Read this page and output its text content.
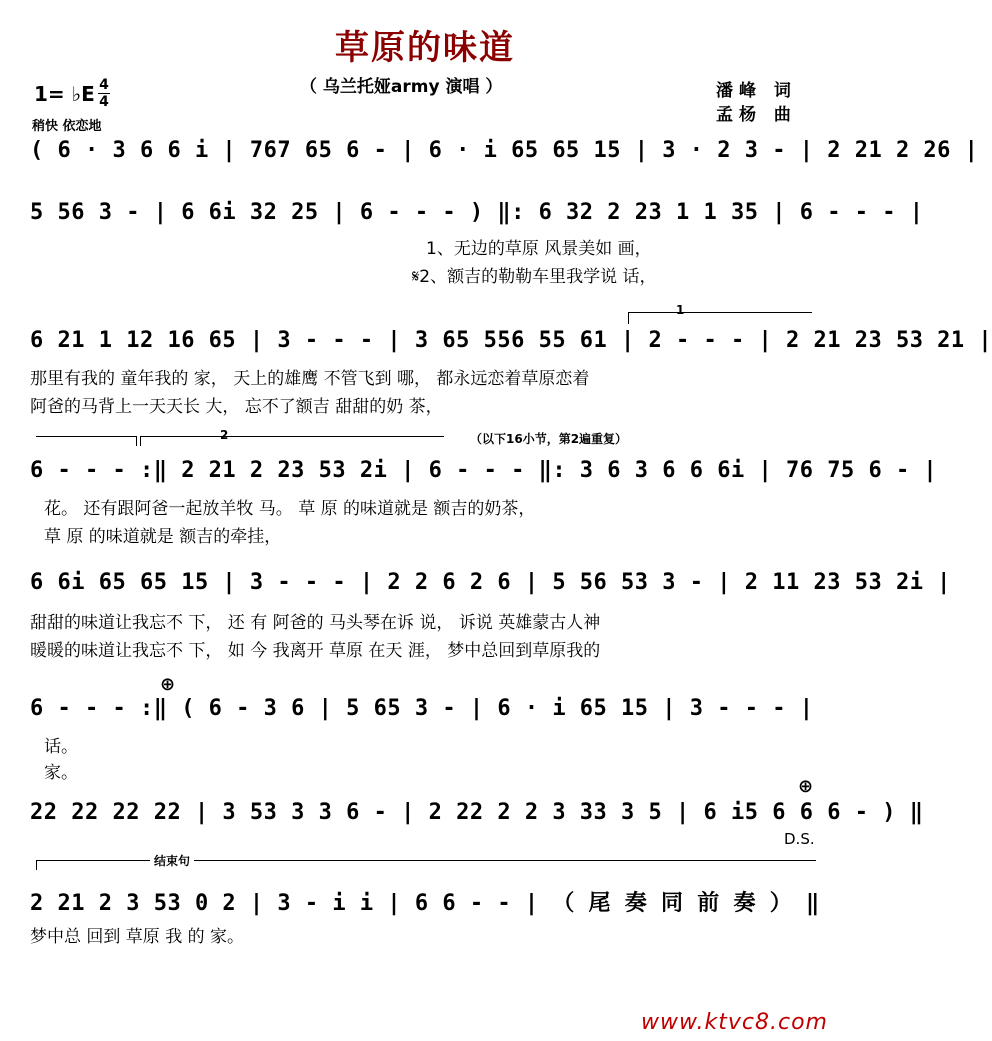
草原的味道
（ 乌兰托娅army 演唱 ）	潘峰 词
孟杨 曲
1= ♭E 4
4
稍快 依恋地
( 6 · 3 6 6 i | 767 65 6 - | 6 · i 65 65 15 | 3 · 2 3 - | 2 21 2 26 |
5 56 3 - | 6 6i 32 25 | 6 - - - ) ‖: 6 32 2 23 1 1 35 | 6 - - - |
1、无边的草原 风景美如 画，
𝄋2、额吉的勒勒车里我学说 话，
1
6 21 1 12 16 65 | 3 - - - | 3 65 556 55 61 | 2 - - - | 2 21 23 53 21 |
那里有我的 童年我的 家， 天上的雄鹰 不管飞到 哪， 都永远恋着草原恋着
阿爸的马背上一天天长 大， 忘不了额吉 甜甜的奶 茶，
2	（以下16小节，第2遍重复）
6 - - - :‖ 2 21 2 23 53 2i | 6 - - - ‖: 3 6 3 6 6 6i | 76 75 6 - |
花。 还有跟阿爸一起放羊牧 马。 草 原 的味道就是 额吉的奶茶，
草 原 的味道就是 额吉的牵挂，
6 6i 65 65 15 | 3 - - - | 2 2 6 2 6 | 5 56 53 3 - | 2 11 23 53 2i |
甜甜的味道让我忘不 下， 还 有 阿爸的 马头琴在诉 说， 诉说 英雄蒙古人神
暖暖的味道让我忘不 下， 如 今 我离开 草原 在天 涯， 梦中总回到草原我的
⊕
6 - - - :‖ ( 6 - 3 6 | 5 65 3 - | 6 · i 65 15 | 3 - - - |
话。
家。
⊕
22 22 22 22 | 3 53 3 3 6 - | 2 22 2 2 3 33 3 5 | 6 i5 6 6 6 - ) ‖
D.S.
结束句
2 21 2 3 53 0 2 | 3 - i i | 6 6 - - | （ 尾 奏 同 前 奏 ） ‖
梦中总 回到 草原 我 的 家。
www.ktvc8.com
